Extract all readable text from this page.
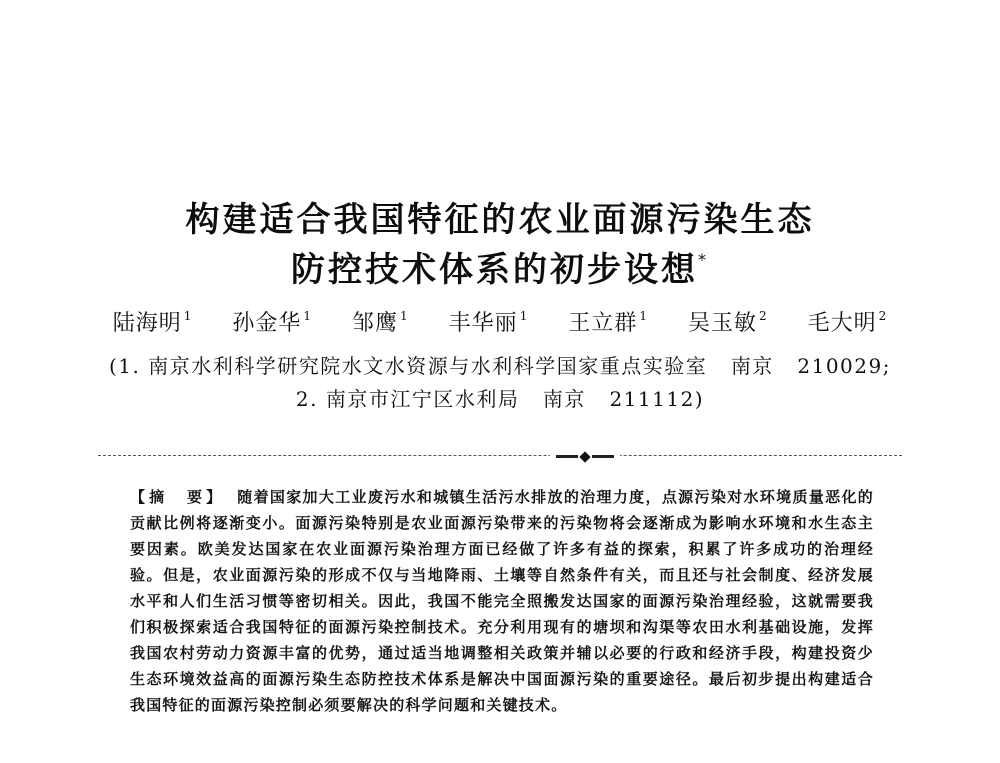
构建适合我国特征的农业面源污染生态
防控技术体系的初步设想*
陆海明 $^1$ 孙金华 $^1$ 邹鹰 $^1$ 丰华丽 $^1$ 王立群 $^1$ 吴玉敏 $^2$ 毛大明 $^2$
(1. 南京水利科学研究院水文水资源与水利科学国家重点实验室   南京   210029;
2. 南京市江宁区水利局   南京   211112)
【摘  要】 随着国家加大工业废污水和城镇生活污水排放的治理力度，点源污染对水环境质量恶化的贡献比例将逐渐变小。面源污染特别是农业面源污染带来的污染物将会逐渐成为影响水环境和水生态主要因素。欧美发达国家在农业面源污染治理方面已经做了许多有益的探索，积累了许多成功的治理经验。但是，农业面源污染的形成不仅与当地降雨、土壤等自然条件有关，而且还与社会制度、经济发展水平和人们生活习惯等密切相关。因此，我国不能完全照搬发达国家的面源污染治理经验，这就需要我们积极探索适合我国特征的面源污染控制技术。充分利用现有的塘坝和沟渠等农田水利基础设施，发挥我国农村劳动力资源丰富的优势，通过适当地调整相关政策并辅以必要的行政和经济手段，构建投资少生态环境效益高的面源污染生态防控技术体系是解决中国面源污染的重要途径。最后初步提出构建适合我国特征的面源污染控制必须要解决的科学问题和关键技术。
